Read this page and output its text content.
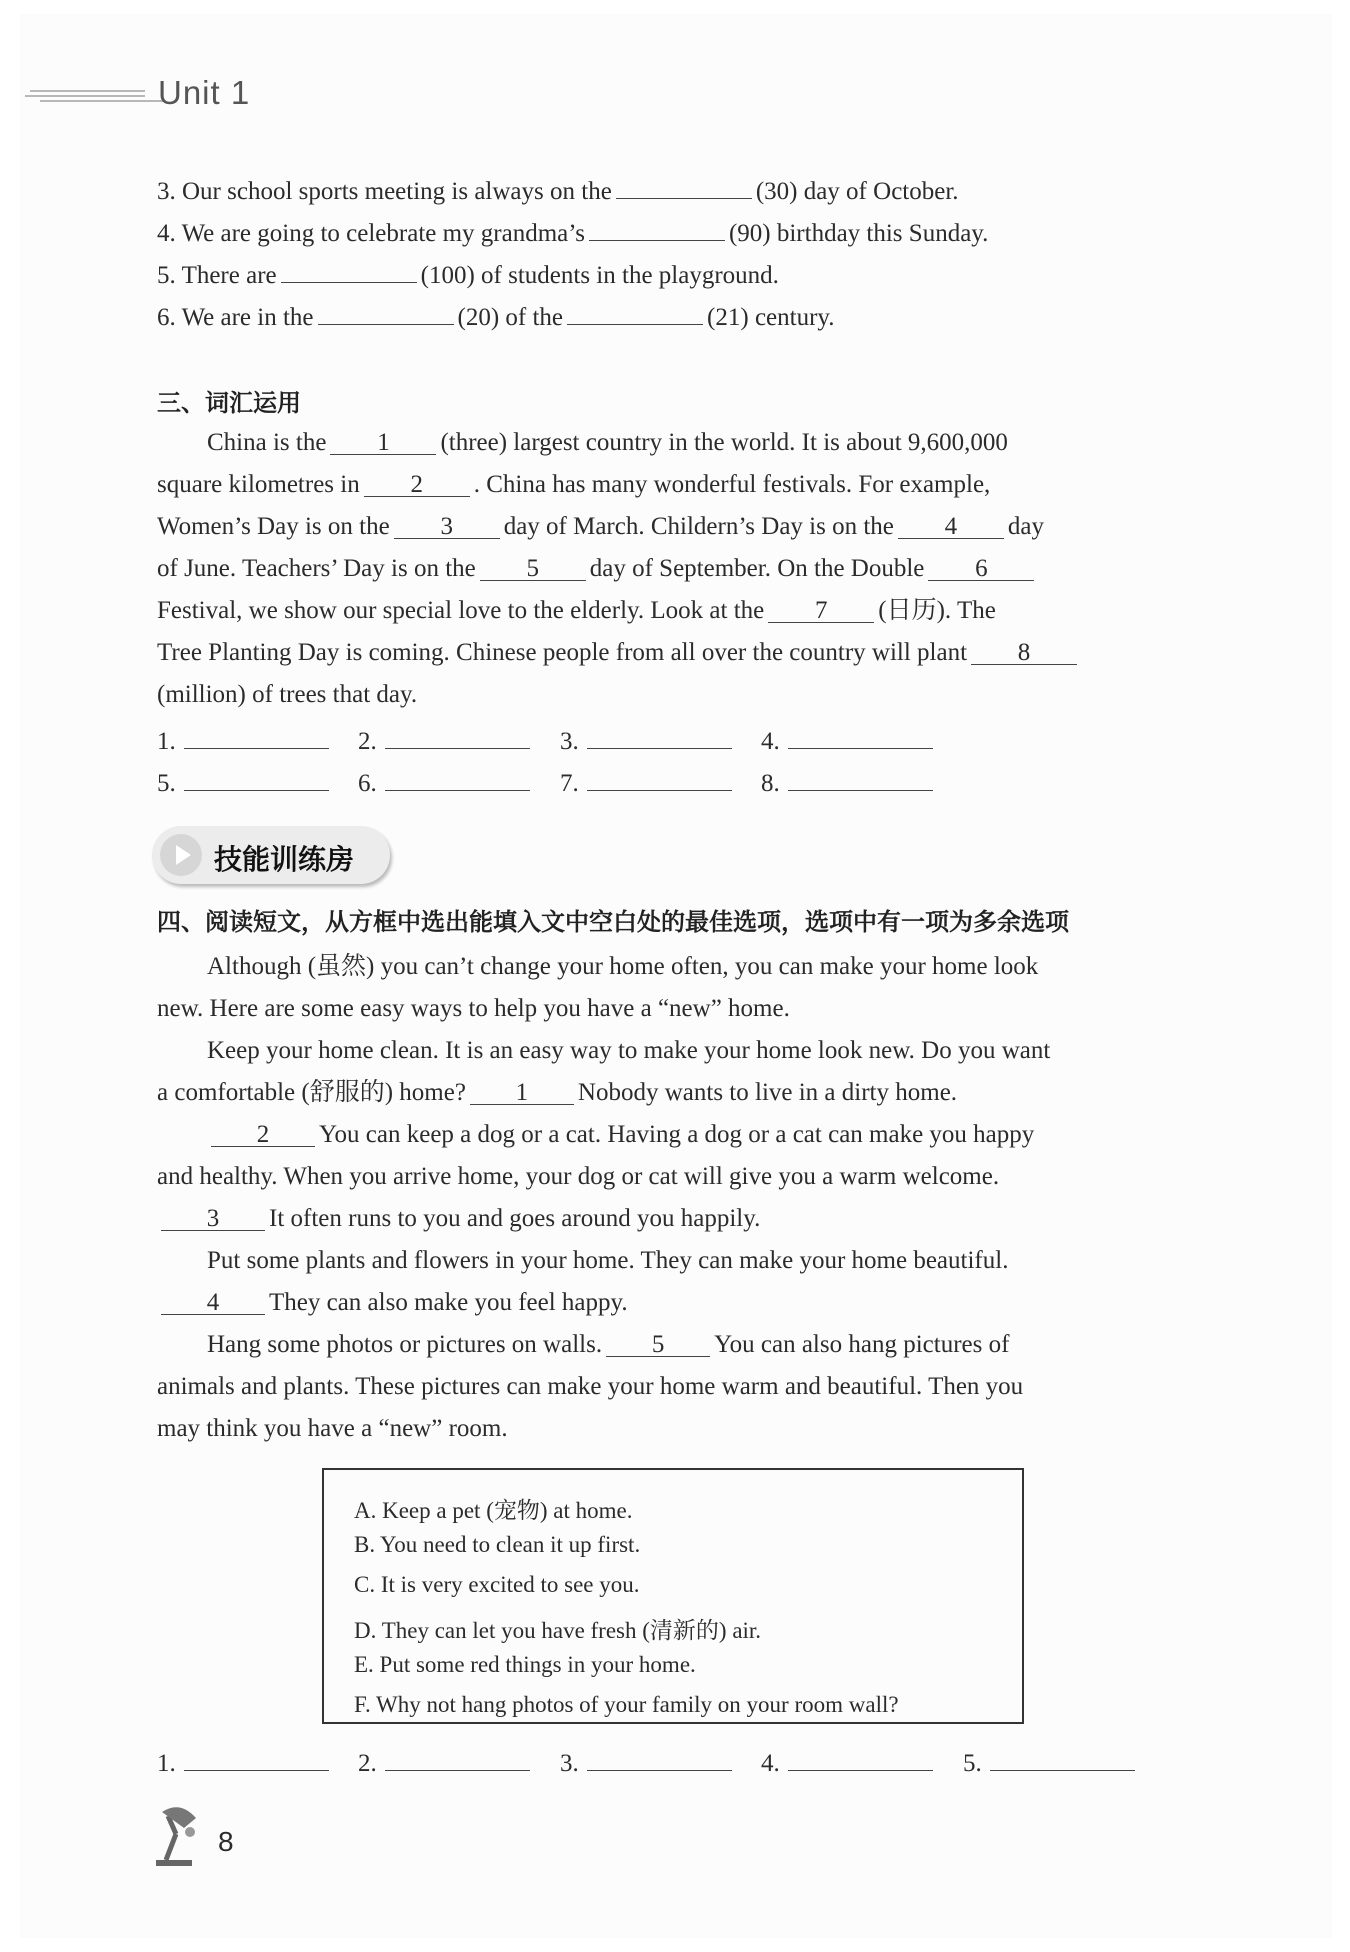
Unit 1
3. Our school sports meeting is always on the	(30) day of October.
4. We are going to celebrate my grandma’s	(90) birthday this Sunday.
5. There are	(100) of students in the playground.
6. We are in the	(20) of the	(21) century.
三、词汇运用

China is the 1 (three) largest country in the world. It is about 9,600,000

square kilometres in 2 . China has many wonderful festivals. For example,

Women’s Day is on the 3 day of March. Childern’s Day is on the 4 day

of June. Teachers’ Day is on the 5 day of September. On the Double 6

Festival, we show our special love to the elderly. Look at the 7 (日历). The

Tree Planting Day is coming. Chinese people from all over the country will plant 8

(million) of trees that day.

1.	2.	3.	4.
5.	6.	7.	8.
技能训练房
四、阅读短文，从方框中选出能填入文中空白处的最佳选项，选项中有一项为多余选项

Although (虽然) you can’t change your home often, you can make your home look

new. Here are some easy ways to help you have a “new” home.

Keep your home clean. It is an easy way to make your home look new. Do you want

a comfortable (舒服的) home? 1 Nobody wants to live in a dirty home.

2 You can keep a dog or a cat. Having a dog or a cat can make you happy

and healthy. When you arrive home, your dog or cat will give you a warm welcome.

3 It often runs to you and goes around you happily.

Put some plants and flowers in your home. They can make your home beautiful.

4 They can also make you feel happy.

Hang some photos or pictures on walls. 5 You can also hang pictures of

animals and plants. These pictures can make your home warm and beautiful. Then you

may think you have a “new” room.

A. Keep a pet (宠物) at home.
B. You need to clean it up first.
C. It is very excited to see you.
D. They can let you have fresh (清新的) air.
E. Put some red things in your home.
F. Why not hang photos of your family on your room wall?
1.	2.	3.	4.	5.
8
